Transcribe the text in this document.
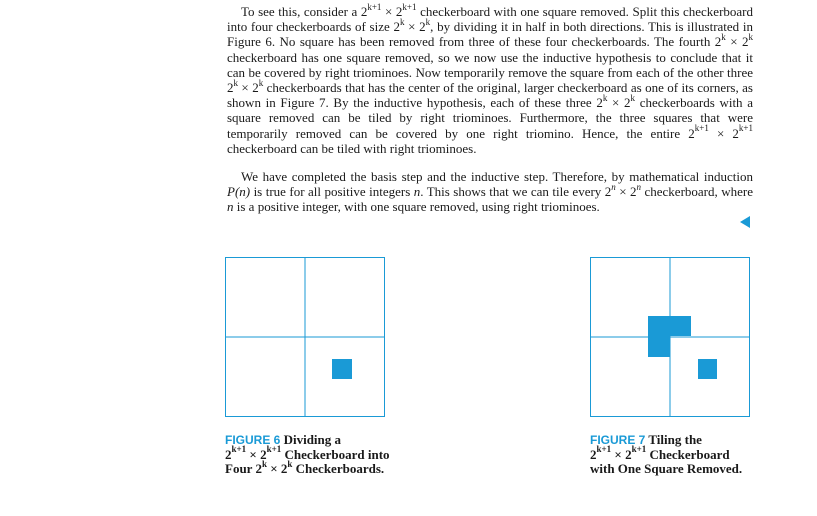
To see this, consider a $2^{k+1} \times 2^{k+1}$ checkerboard with one square removed. Split this checkerboard into four checkerboards of size $2^k \times 2^k$, by dividing it in half in both directions. This is illustrated in Figure 6. No square has been removed from three of these four checkerboards. The fourth $2^k \times 2^k$ checkerboard has one square removed, so we now use the inductive hypothesis to conclude that it can be covered by right triominoes. Now temporarily remove the square from each of the other three $2^k \times 2^k$ checkerboards that has the center of the original, larger checkerboard as one of its corners, as shown in Figure 7. By the inductive hypothesis, each of these three $2^k \times 2^k$ checkerboards with a square removed can be tiled by right triominoes. Furthermore, the three squares that were temporarily removed can be covered by one right triomino. Hence, the entire $2^{k+1} \times 2^{k+1}$ checkerboard can be tiled with right triominoes.

We have completed the basis step and the inductive step. Therefore, by mathematical induction P(n) is true for all positive integers n. This shows that we can tile every $2^n \times 2^n$ checkerboard, where n is a positive integer, with one square removed, using right triominoes.

FIGURE 6 Dividing a
$2^{k+1} \times 2^{k+1}$ Checkerboard into
Four $2^k \times 2^k$ Checkerboards.

FIGURE 7 Tiling the
$2^{k+1} \times 2^{k+1}$ Checkerboard
with One Square Removed.
